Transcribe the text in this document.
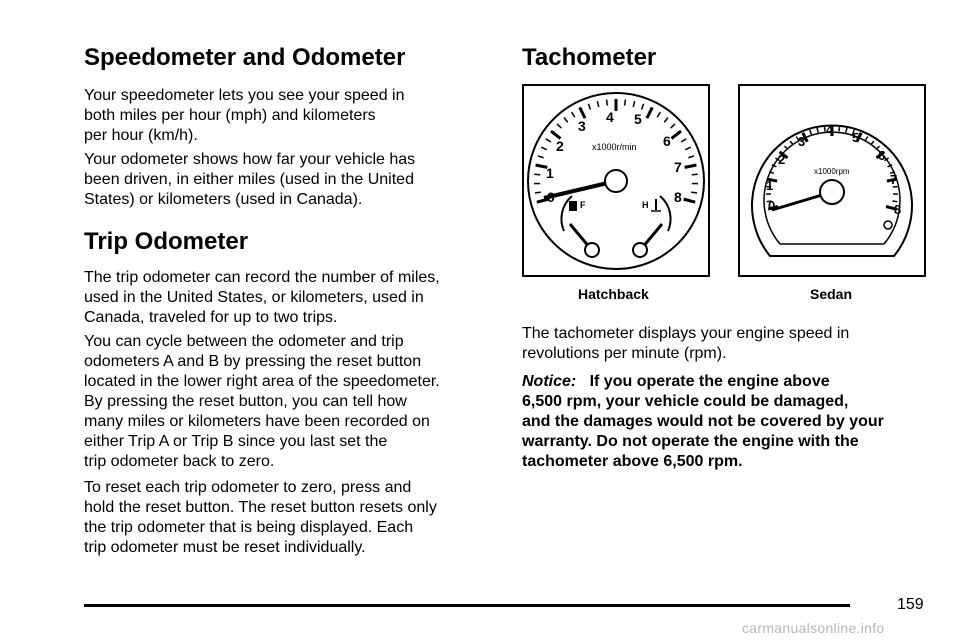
Speedometer and Odometer

Your speedometer lets you see your speed in
both miles per hour (mph) and kilometers
per hour (km/h).

Your odometer shows how far your vehicle has
been driven, in either miles (used in the United
States) or kilometers (used in Canada).

Trip Odometer

The trip odometer can record the number of miles,
used in the United States, or kilometers, used in
Canada, traveled for up to two trips.

You can cycle between the odometer and trip
odometers A and B by pressing the reset button
located in the lower right area of the speedometer.
By pressing the reset button, you can tell how
many miles or kilometers have been recorded on
either Trip A or Trip B since you last set the
trip odometer back to zero.

To reset each trip odometer to zero, press and
hold the reset button. The reset button resets only
the trip odometer that is being displayed. Each
trip odometer must be reset individually.

Tachometer
0
1
2
3
4 5
6
7
8
x1000r/min
F	H	0
1
2
3
4
5
6
7
8
x1000rpm
Hatchback	Sedan

The tachometer displays your engine speed in
revolutions per minute (rpm).

Notice: If you operate the engine above
6,500 rpm, your vehicle could be damaged,
and the damages would not be covered by your
warranty. Do not operate the engine with the
tachometer above 6,500 rpm.

159
carmanualsonline.info
